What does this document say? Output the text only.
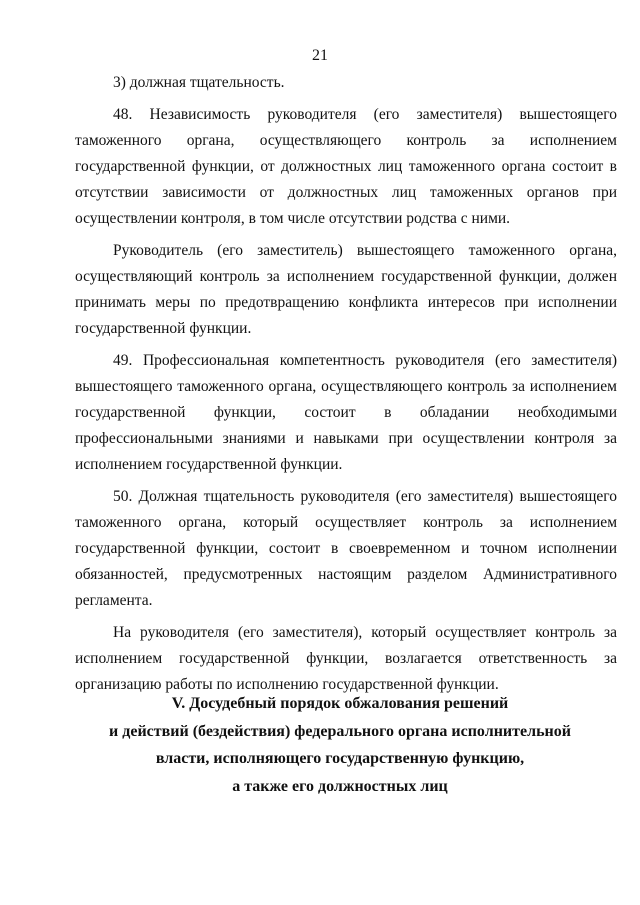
21

3) должная тщательность.

48. Независимость руководителя (его заместителя) вышестоящего таможенного органа, осуществляющего контроль за исполнением государственной функции, от должностных лиц таможенного органа состоит в отсутствии зависимости от должностных лиц таможенных органов при осуществлении контроля, в том числе отсутствии родства с ними.

Руководитель (его заместитель) вышестоящего таможенного органа, осуществляющий контроль за исполнением государственной функции, должен принимать меры по предотвращению конфликта интересов при исполнении государственной функции.

49. Профессиональная компетентность руководителя (его заместителя) вышестоящего таможенного органа, осуществляющего контроль за исполнением государственной функции, состоит в обладании необходимыми профессиональными знаниями и навыками при осуществлении контроля за исполнением государственной функции.

50. Должная тщательность руководителя (его заместителя) вышестоящего таможенного органа, который осуществляет контроль за исполнением государственной функции, состоит в своевременном и точном исполнении обязанностей, предусмотренных настоящим разделом Административного регламента.

На руководителя (его заместителя), который осуществляет контроль за исполнением государственной функции, возлагается ответственность за организацию работы по исполнению государственной функции.

V. Досудебный порядок обжалования решений
и действий (бездействия) федерального органа исполнительной
власти, исполняющего государственную функцию,
а также его должностных лиц
